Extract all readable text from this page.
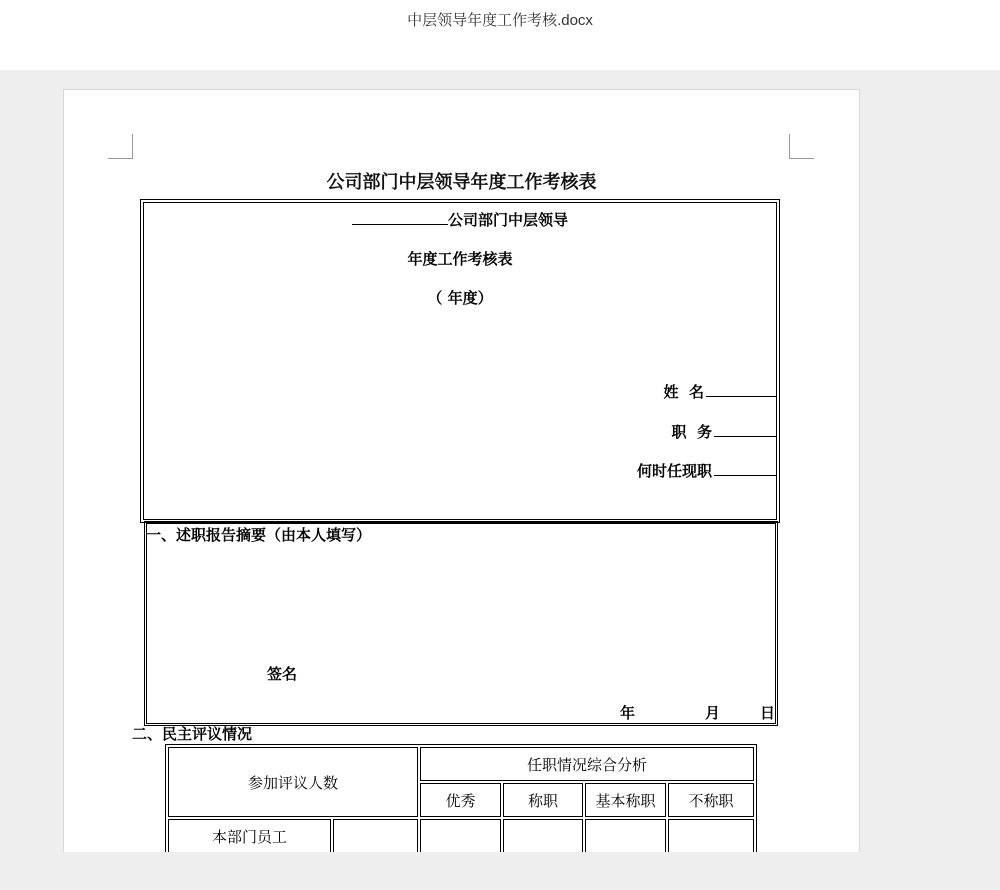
中层领导年度工作考核.docx
公司部门中层领导年度工作考核表
公司部门中层领导
年度工作考核表
（ 年度）
姓  名
职  务
何时任现职
一、述职报告摘要（由本人填写）
签名
年	月	日
二、民主评议情况
参加评议人数		任职情况综合分析			
		优秀	称职	基本称职	不称职
本部门员工					
